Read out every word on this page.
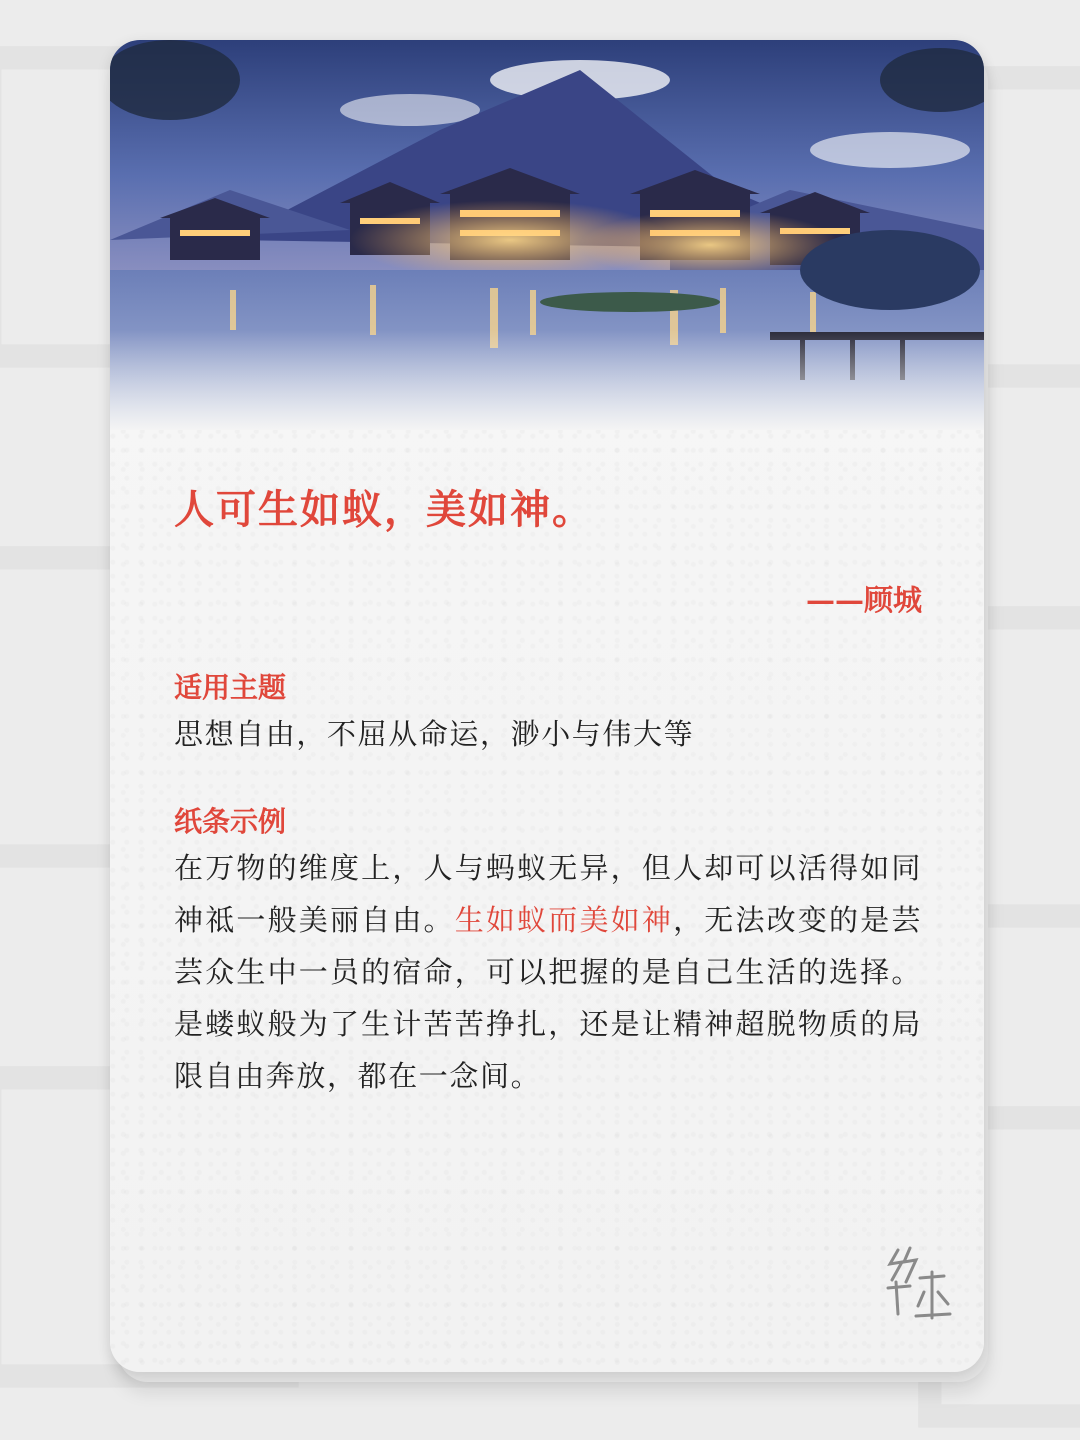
人可生如蚁，美如神。
——顾城
适用主题
思想自由，不屈从命运，渺小与伟大等
纸条示例
在万物的维度上，人与蚂蚁无异，但人却可以活得如同神祗一般美丽自由。生如蚁而美如神，无法改变的是芸芸众生中一员的宿命，可以把握的是自己生活的选择。是蝼蚁般为了生计苦苦挣扎，还是让精神超脱物质的局限自由奔放，都在一念间。
